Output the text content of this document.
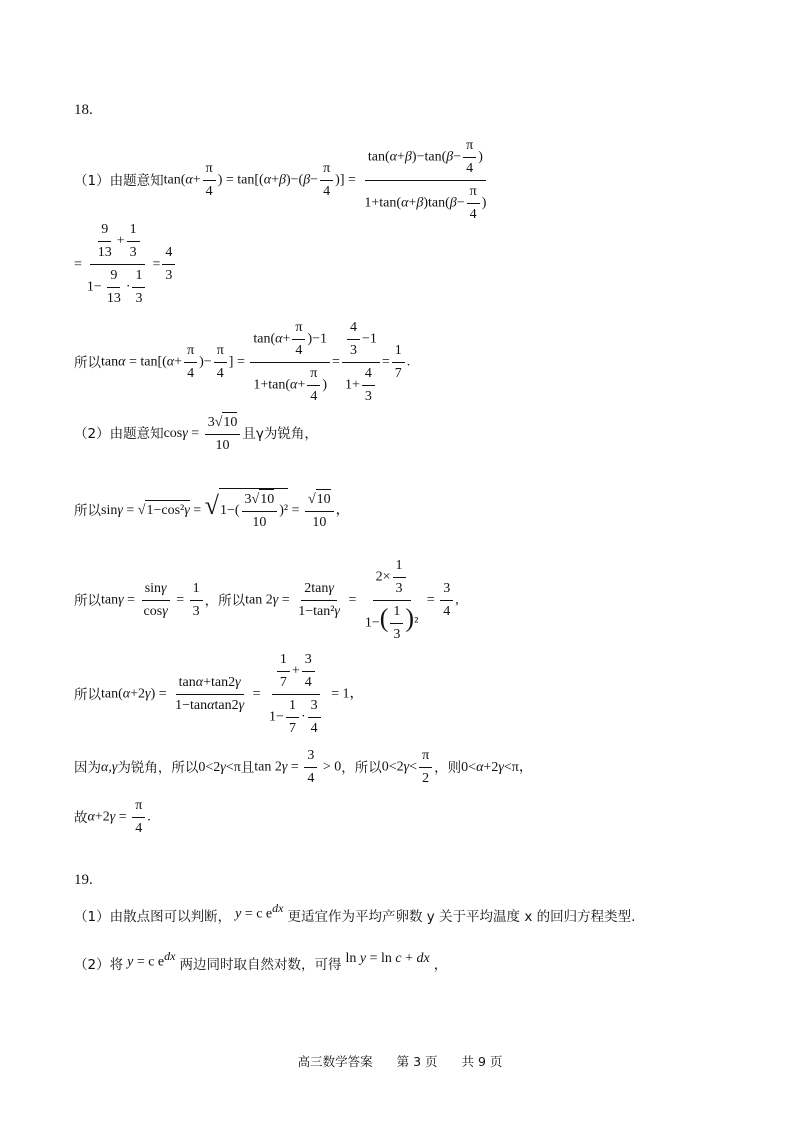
18.
（1）由题意知 $\tan(\alpha+ \frac{\pi}{4}$ ) = $\tan[(\alpha+\beta)-(\beta- \frac{\pi}{4}$ )] = $\frac{\tan(\alpha+\beta)-\tan(\beta- \frac{\pi}{4} )}{1+\tan(\alpha+\beta)\tan(\beta- \frac{\pi}{4} )}$
= $\frac{\frac{9}{13} + \frac{1}{3}}{1- \frac{9}{13} \cdot \frac{1}{3}} = \frac{4}{3}$
所以 $\tan\alpha = \tan[(\alpha+ \frac{\pi}{4}$ )− $\frac{\pi}{4}$ ] = $\frac{\tan(\alpha+ \frac{\pi}{4} )-1}{1+\tan(\alpha+ \frac{\pi}{4} )} = \frac{\frac{4}{3} -1}{1+ \frac{4}{3}} = \frac{1}{7}$ .
（2）由题意知 $\cos\gamma = \frac{3√10}{10}$ 且γ为锐角，
所以 $\sin\gamma = √1-\cos^2\gamma = √1-( \frac{3√10}{10} )^2 = \frac{√10}{10}$ ，
所以 $\tan\gamma = \frac{\sin\gamma}{\cos\gamma} = \frac{1}{3}$ ，所以 $\tan 2\gamma = \frac{2\tan\gamma}{\text{1−tan²γ}} = \frac{2\times \frac{1}{3}}{1-( \frac{1}{3} )^2} = \frac{3}{4}$ ,
所以 $\tan(\alpha+2\gamma) = \frac{\tan\alpha+\tan 2\gamma}{1-\tan\alpha\tan 2\gamma} = \frac{\frac{1}{7} + \frac{3}{4}}{1- \frac{1}{7} \cdot \frac{3}{4}} = 1$，
因为 α,γ 为锐角，所以 0<2γ<π 且 $\tan 2\gamma = \frac{3}{4} > 0$ ，所以 $0<2\gamma< \frac{\pi}{2}$ ，则 0<α+2γ<π，
故 $\alpha+2\gamma = \frac{\pi}{4}$ .
19.
（1）由散点图可以判断， y = c $e^{dx}$
更适宜作为平均产卵数 y 关于平均温度 x 的回归方程类型.
（2）将 y = c $e^{dx}$
两边同时取自然对数，可得 ln y = ln c + dx ，
高三数学答案 第 3 页 共 9 页
